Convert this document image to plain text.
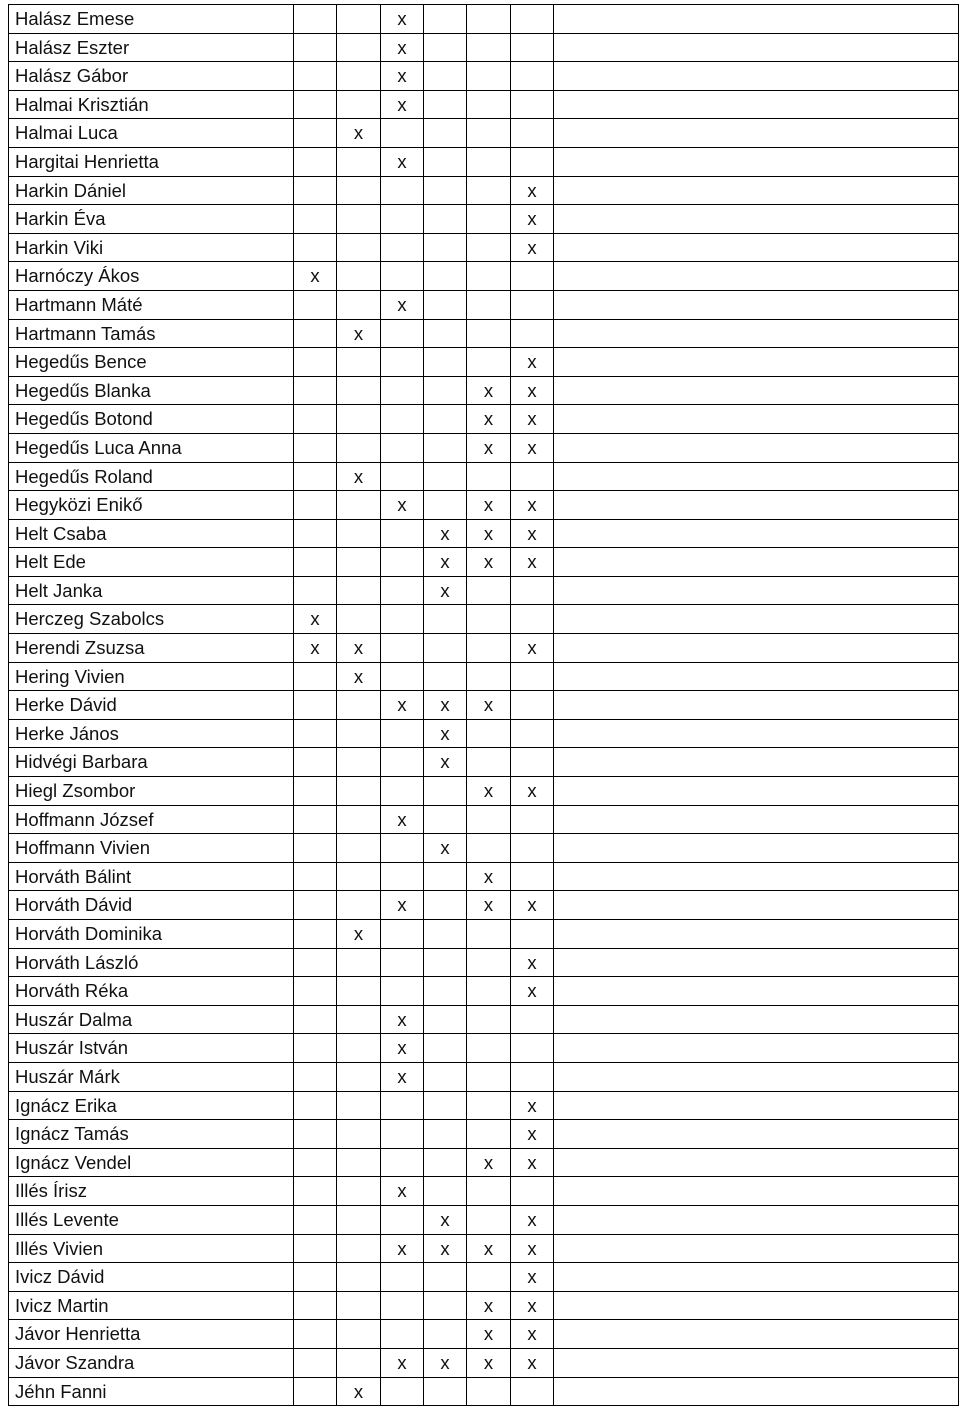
Halász Emese			x				
Halász Eszter			x				
Halász Gábor			x				
Halmai Krisztián			x				
Halmai Luca		x					
Hargitai Henrietta			x				
Harkin Dániel						x	
Harkin Éva						x	
Harkin Viki						x	
Harnóczy Ákos	x						
Hartmann Máté			x				
Hartmann Tamás		x					
Hegedűs Bence						x	
Hegedűs Blanka					x	x	
Hegedűs Botond					x	x	
Hegedűs Luca Anna					x	x	
Hegedűs Roland		x					
Hegyközi Enikő			x		x	x	
Helt Csaba				x	x	x	
Helt Ede				x	x	x	
Helt Janka				x			
Herczeg Szabolcs	x						
Herendi Zsuzsa	x	x				x	
Hering Vivien		x					
Herke Dávid			x	x	x		
Herke János				x			
Hidvégi Barbara				x			
Hiegl Zsombor					x	x	
Hoffmann József			x				
Hoffmann Vivien				x			
Horváth Bálint					x		
Horváth Dávid			x		x	x	
Horváth Dominika		x					
Horváth László						x	
Horváth Réka						x	
Huszár Dalma			x				
Huszár István			x				
Huszár Márk			x				
Ignácz Erika						x	
Ignácz Tamás						x	
Ignácz Vendel					x	x	
Illés Írisz			x				
Illés Levente				x		x	
Illés Vivien			x	x	x	x	
Ivicz Dávid						x	
Ivicz Martin					x	x	
Jávor Henrietta					x	x	
Jávor Szandra			x	x	x	x	
Jéhn Fanni		x					
